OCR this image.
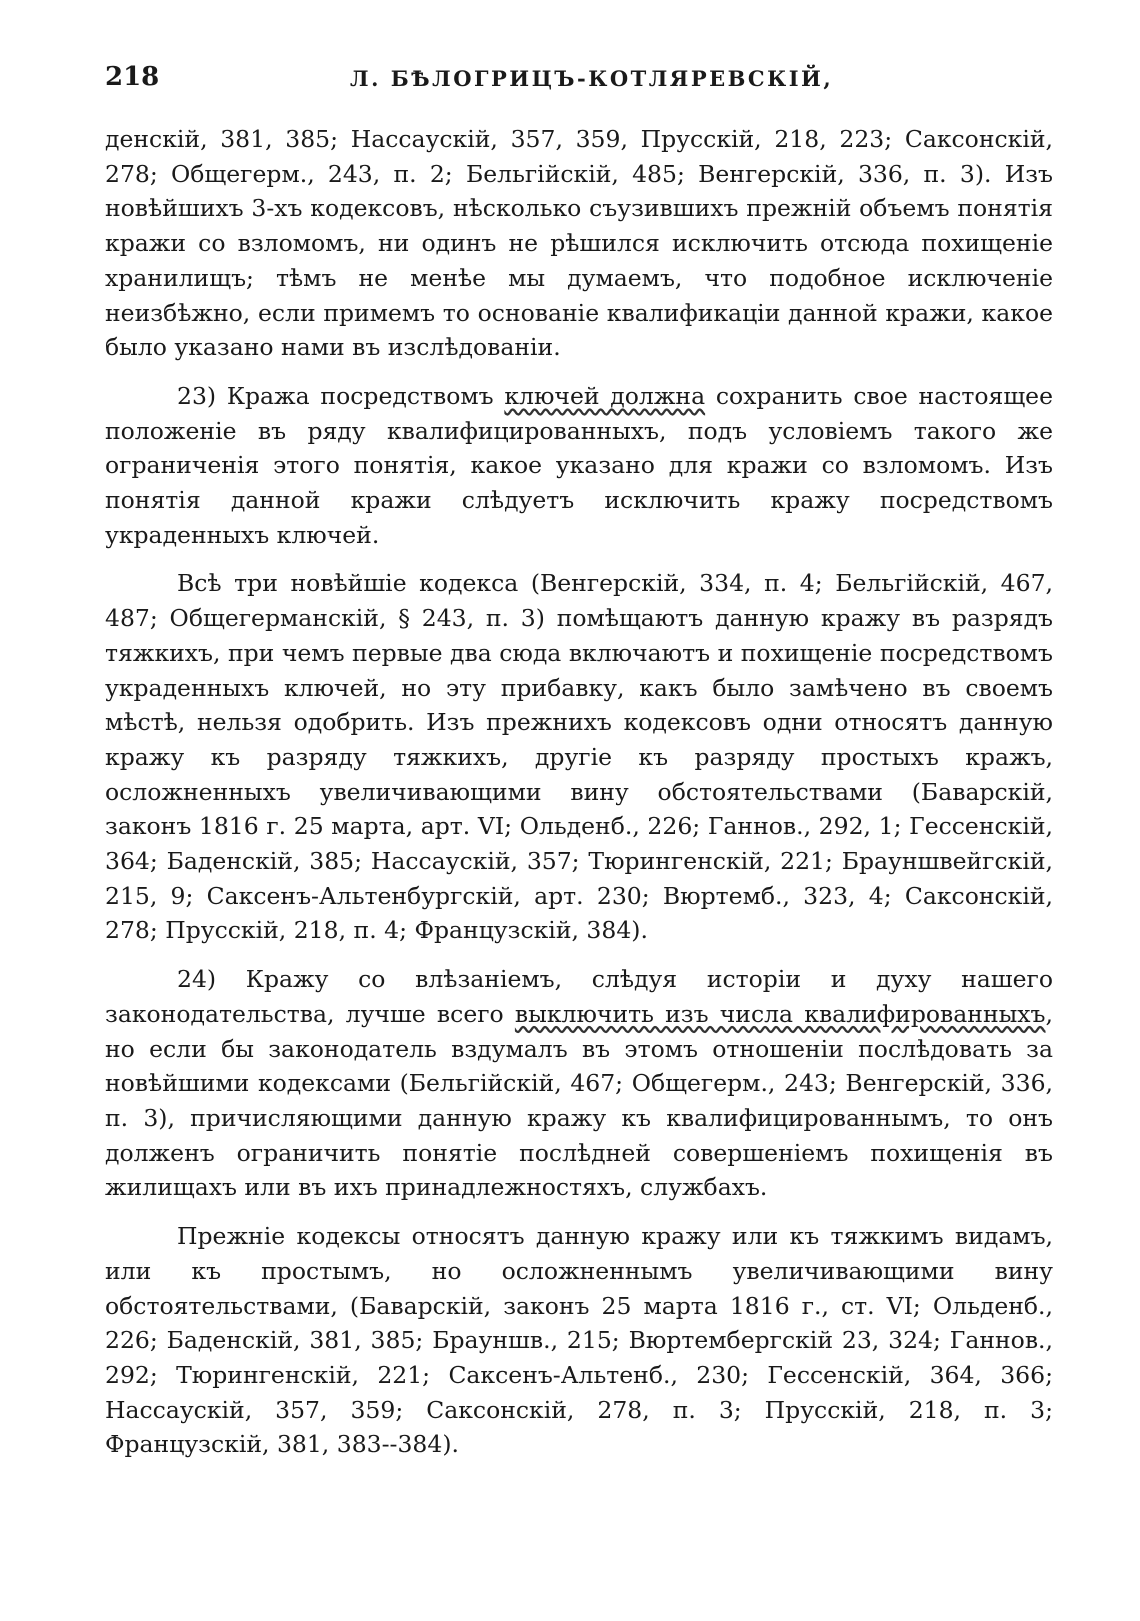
218	Л. БѢЛОГРИЦЪ-КОТЛЯРЕВСКІЙ,

денскій, 381, 385; Нассаускій, 357, 359, Прусскій, 218, 223; Саксонскій, 278; Общегерм., 243, п. 2; Бельгійскій, 485; Венгерскій, 336, п. 3). Изъ новѣйшихъ 3-хъ кодексовъ, нѣсколько съузившихъ прежній объемъ понятія кражи со взломомъ, ни одинъ не рѣшился исключить отсюда похищеніе хранилищъ; тѣмъ не менѣе мы думаемъ, что подобное исключеніе неизбѣжно, если примемъ то основаніе квалификаціи данной кражи, какое было указано нами въ изслѣдованіи.

23) Кража посредствомъ ключей должна сохранить свое настоящее положеніе въ ряду квалифицированныхъ, подъ условіемъ такого же ограниченія этого понятія, какое указано для кражи со взломомъ. Изъ понятія данной кражи слѣдуетъ исключить кражу посредствомъ украденныхъ ключей.

Всѣ три новѣйшіе кодекса (Венгерскій, 334, п. 4; Бельгійскій, 467, 487; Общегерманскій, § 243, п. 3) помѣщаютъ данную кражу въ разрядъ тяжкихъ, при чемъ первые два сюда включаютъ и похищеніе посредствомъ украденныхъ ключей, но эту прибавку, какъ было замѣчено въ своемъ мѣстѣ, нельзя одобрить. Изъ прежнихъ кодексовъ одни относятъ данную кражу къ разряду тяжкихъ, другіе къ разряду простыхъ кражъ, осложненныхъ увеличивающими вину обстоятельствами (Баварскій, законъ 1816 г. 25 марта, арт. VI; Ольденб., 226; Ганнов., 292, 1; Гессенскій, 364; Баденскій, 385; Нассаускій, 357; Тюрингенскій, 221; Брауншвейгскій, 215, 9; Саксенъ-Альтенбургскій, арт. 230; Вюртемб., 323, 4; Саксонскій, 278; Прусскій, 218, п. 4; Французскій, 384).

24) Кражу со влѣзаніемъ, слѣдуя исторіи и духу нашего законодательства, лучше всего выключить изъ числа квалифированныхъ, но если бы законодатель вздумалъ въ этомъ отношеніи послѣдовать за новѣйшими кодексами (Бельгійскій, 467; Общегерм., 243; Венгерскій, 336, п. 3), причисляющими данную кражу къ квалифицированнымъ, то онъ долженъ ограничить понятіе послѣдней совершеніемъ похищенія въ жилищахъ или въ ихъ принадлежностяхъ, службахъ.

Прежніе кодексы относятъ данную кражу или къ тяжкимъ видамъ, или къ простымъ, но осложненнымъ увеличивающими вину обстоятельствами, (Баварскій, законъ 25 марта 1816 г., ст. VI; Ольденб., 226; Баденскій, 381, 385; Брауншв., 215; Вюртембергскій 23, 324; Ганнов., 292; Тюрингенскій, 221; Саксенъ-Альтенб., 230; Гессенскій, 364, 366; Нассаускій, 357, 359; Саксонскій, 278, п. 3; Прусскій, 218, п. 3; Французскій, 381, 383--384).
